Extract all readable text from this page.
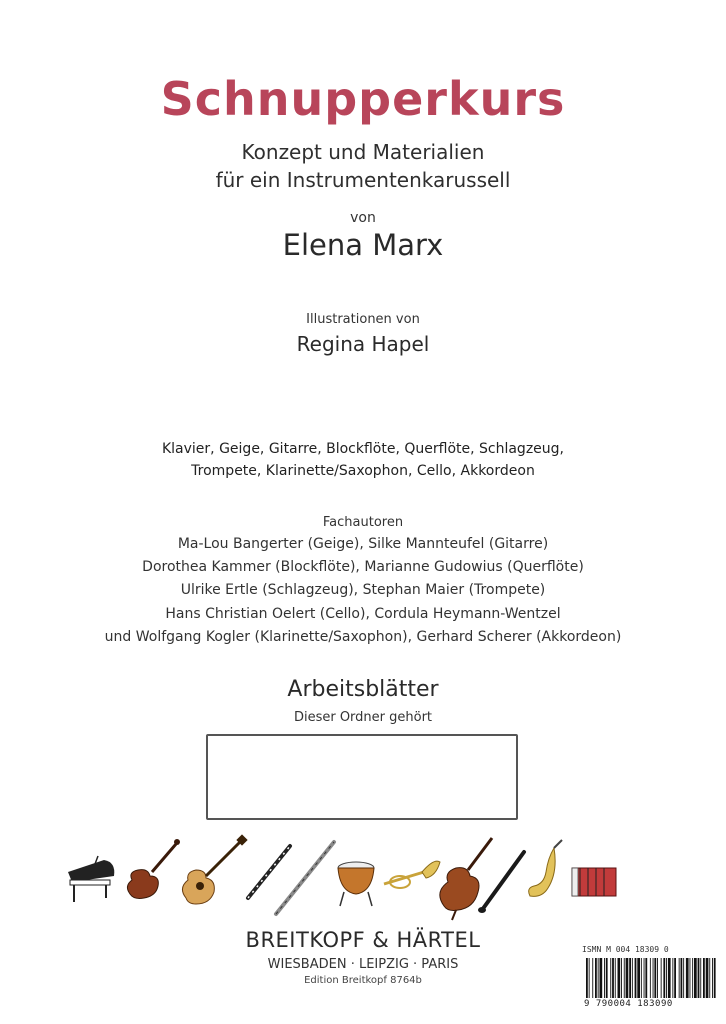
Schnupperkurs
Konzept und Materialien
für ein Instrumentenkarussell
von
Elena Marx
Illustrationen von
Regina Hapel
Klavier, Geige, Gitarre, Blockflöte, Querflöte, Schlagzeug,
Trompete, Klarinette/Saxophon, Cello, Akkordeon
Fachautoren
Ma-Lou Bangerter (Geige), Silke Mannteufel (Gitarre)
Dorothea Kammer (Blockflöte), Marianne Gudowius (Querflöte)
Ulrike Ertle (Schlagzeug), Stephan Maier (Trompete)
Hans Christian Oelert (Cello), Cordula Heymann-Wentzel
und Wolfgang Kogler (Klarinette/Saxophon), Gerhard Scherer (Akkordeon)
Arbeitsblätter
Dieser Ordner gehört
BREITKOPF & HÄRTEL
WIESBADEN · LEIPZIG · PARIS
Edition Breitkopf 8764b
ISMN M 004 18309 0
9 790004 183090
